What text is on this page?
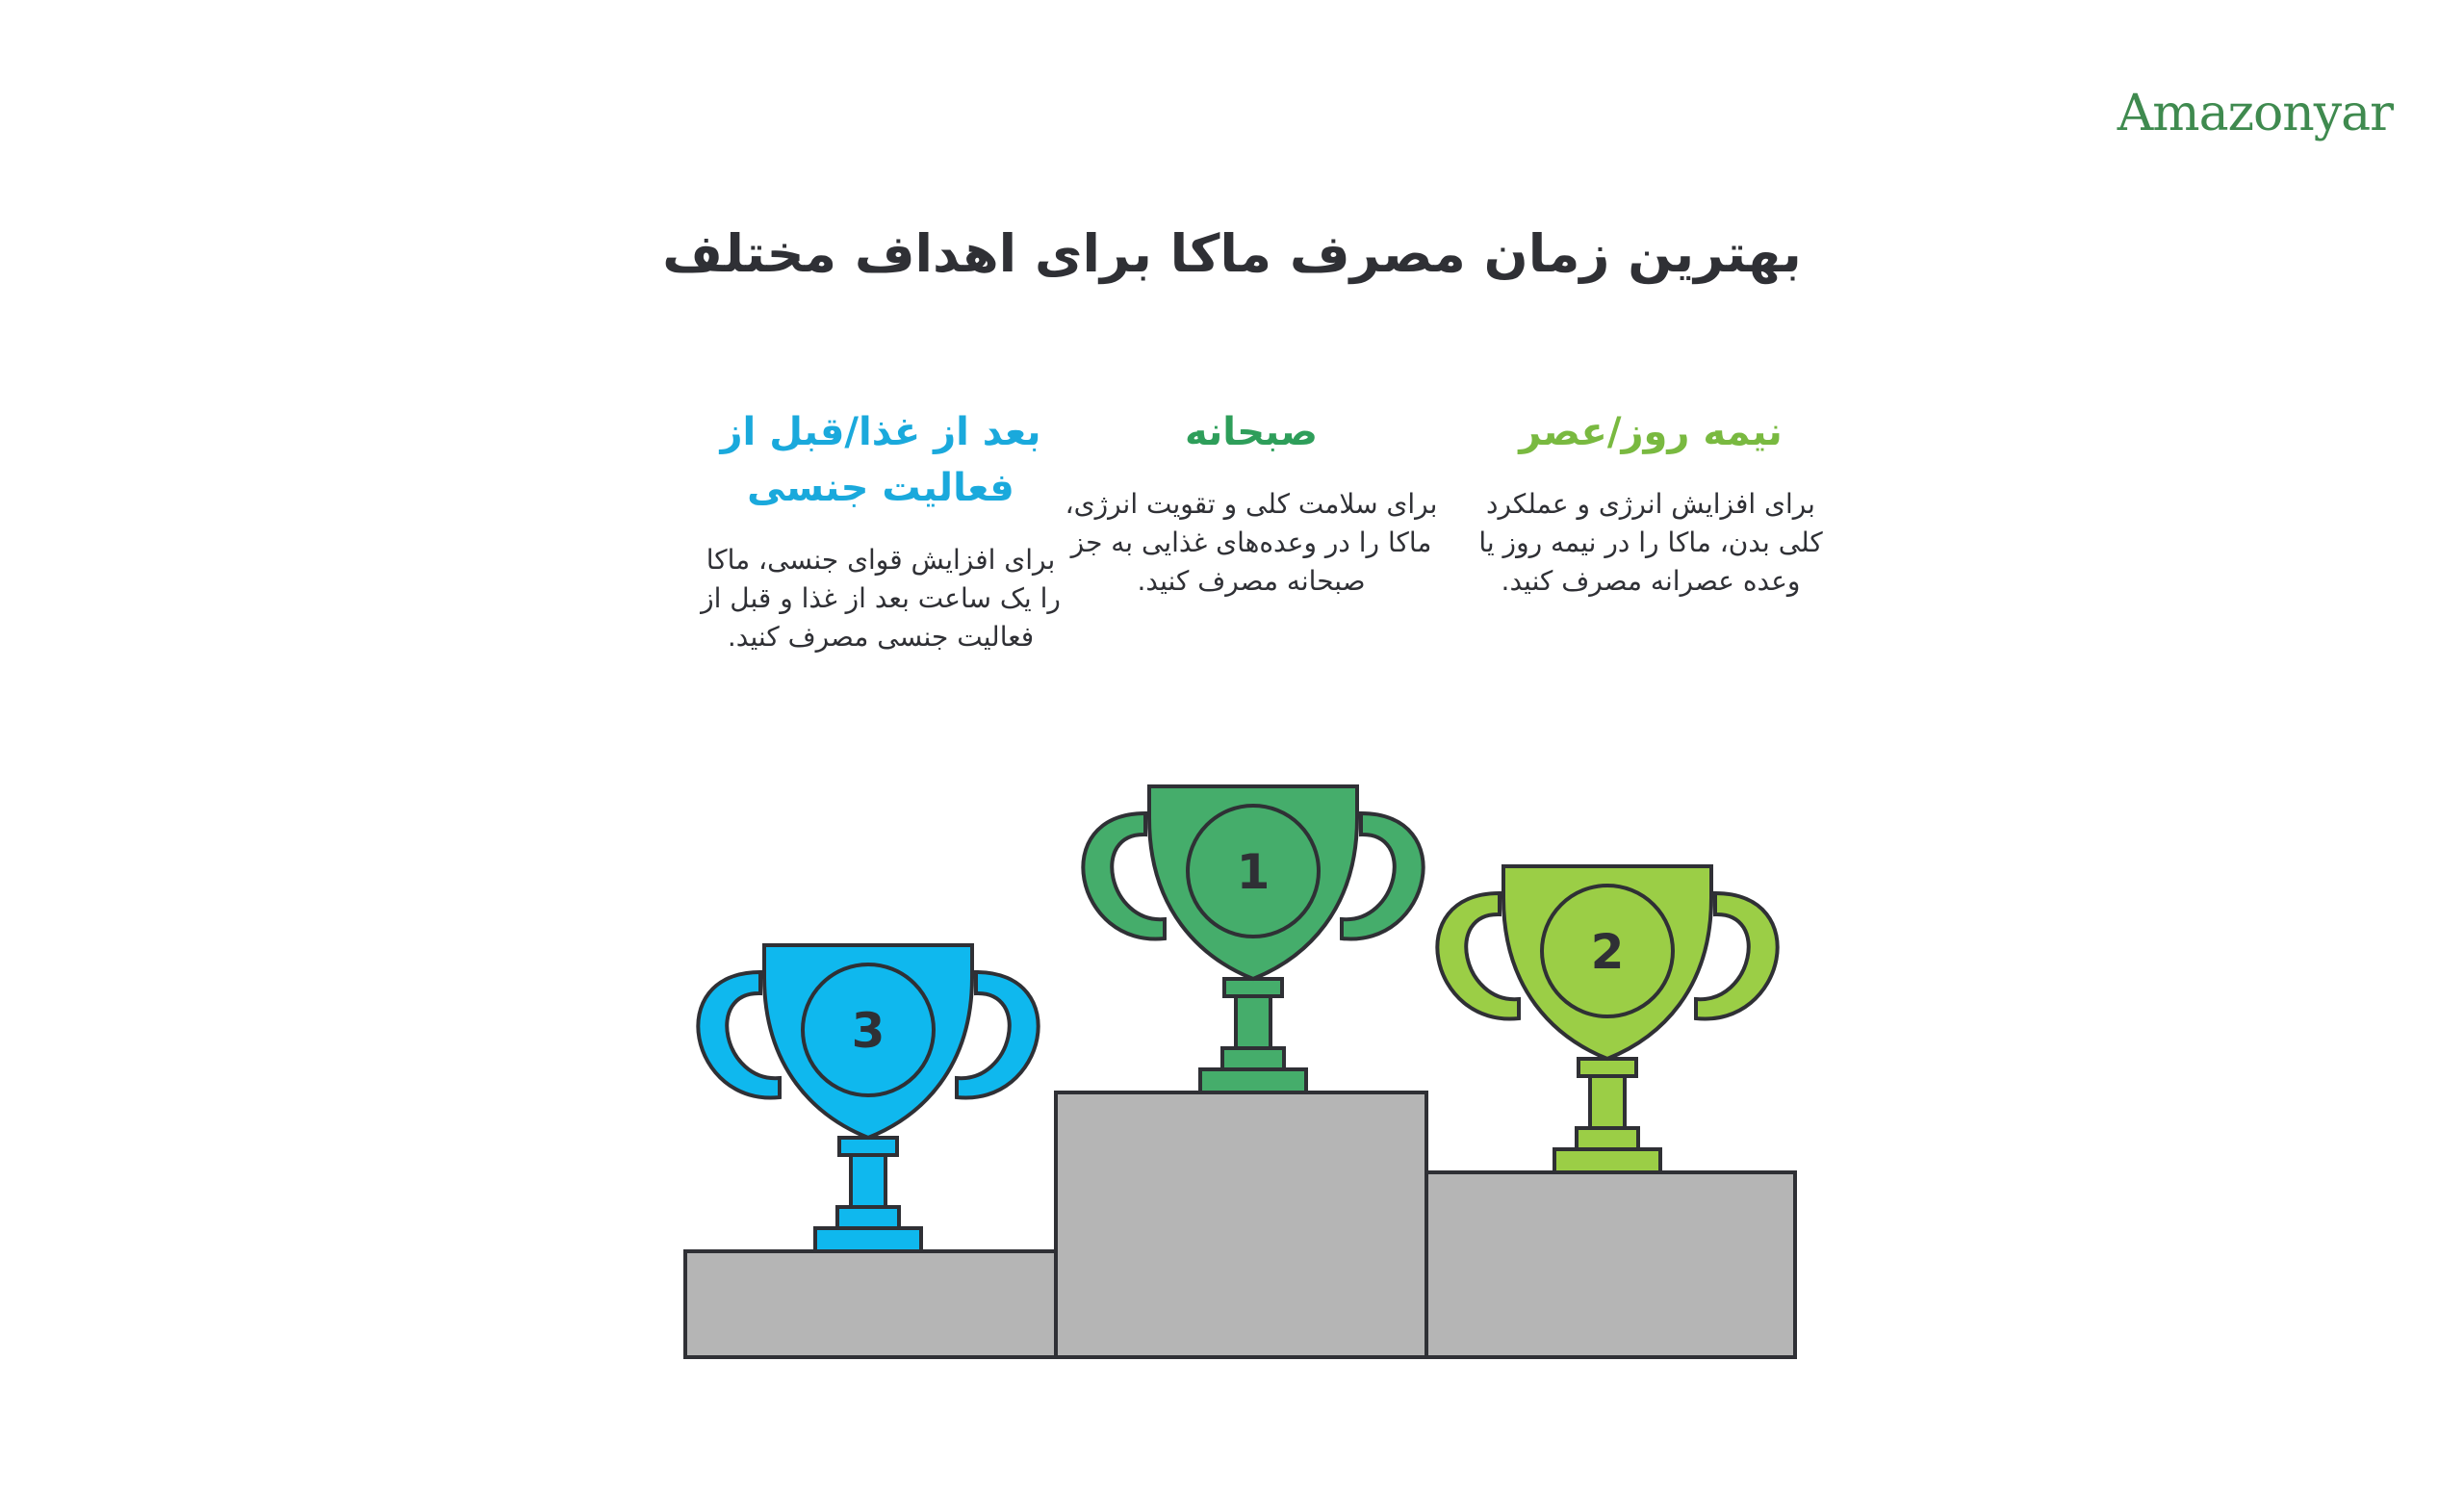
Amazonyar
بهترین زمان مصرف ماکا برای اهداف مختلف
نیمه روز/عصر
برای افزایش انرژی و عملکرد کلی بدن، ماکا را در نیمه روز یا وعده عصرانه مصرف کنید.
صبحانه
برای سلامت کلی و تقویت انرژی، ماکا را در وعده‌های غذایی به جز صبحانه مصرف کنید.
بعد از غذا/قبل از فعالیت جنسی
برای افزایش قوای جنسی، ماکا را یک ساعت بعد از غذا و قبل از فعالیت جنسی مصرف کنید.
1
2
3
